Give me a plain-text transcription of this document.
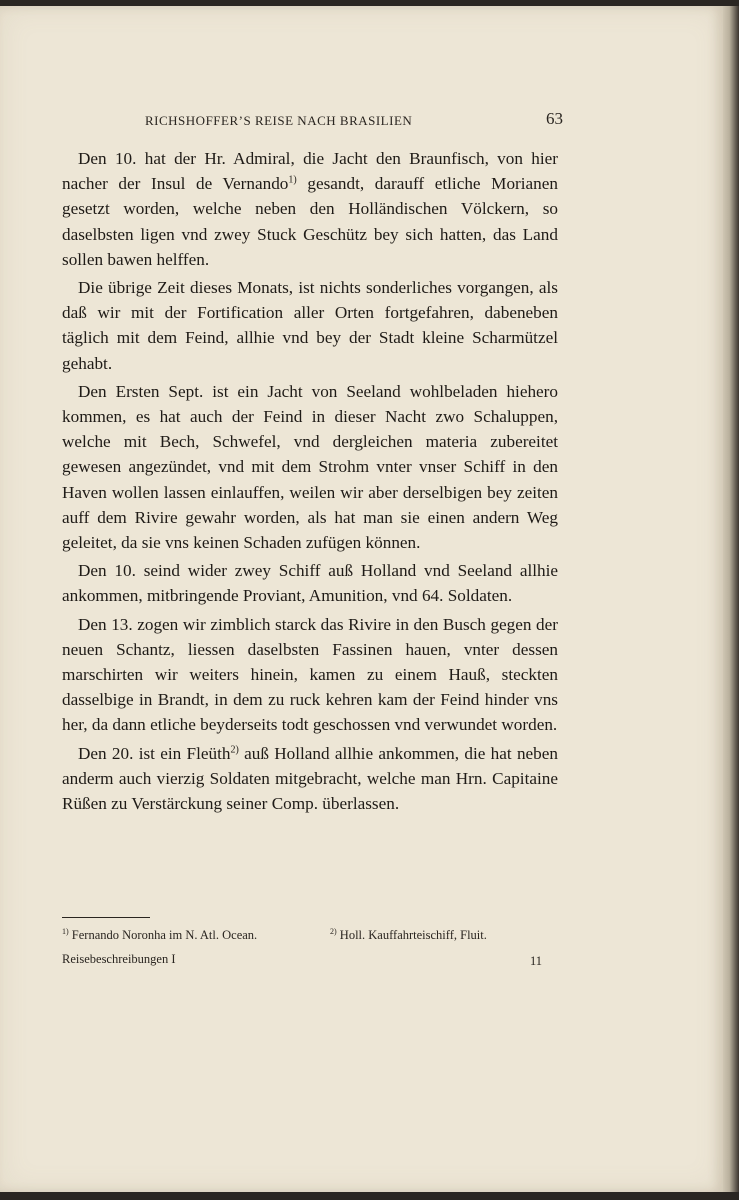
RICHSHOFFER’S REISE NACH BRASILIEN	63

Den 10. hat der Hr. Admiral, die Jacht den Braunfisch, von hier nacher der Insul de Vernando$^{1)}$ gesandt, darauff etliche Morianen gesetzt worden, welche neben den Holländischen Völckern, so daselbsten ligen vnd zwey Stuck Geschütz bey sich hatten, das Land sollen bawen helffen.

Die übrige Zeit dieses Monats, ist nichts sonderliches vorgangen, als daß wir mit der Fortification aller Orten fortgefahren, dabeneben täglich mit dem Feind, allhie vnd bey der Stadt kleine Scharmützel gehabt.

Den Ersten Sept. ist ein Jacht von Seeland wohlbeladen hiehero kommen, es hat auch der Feind in dieser Nacht zwo Schaluppen, welche mit Bech, Schwefel, vnd dergleichen materia zubereitet gewesen angezündet, vnd mit dem Strohm vnter vnser Schiff in den Haven wollen lassen einlauffen, weilen wir aber derselbigen bey zeiten auff dem Rivire gewahr worden, als hat man sie einen andern Weg geleitet, da sie vns keinen Schaden zufügen können.

Den 10. seind wider zwey Schiff auß Holland vnd Seeland allhie ankommen, mitbringende Proviant, Amunition, vnd 64. Soldaten.

Den 13. zogen wir zimblich starck das Rivire in den Busch gegen der neuen Schantz, liessen daselbsten Fassinen hauen, vnter dessen marschirten wir weiters hinein, kamen zu einem Hauß, steckten dasselbige in Brandt, in dem zu ruck kehren kam der Feind hinder vns her, da dann etliche beyderseits todt geschossen vnd verwundet worden.

Den 20. ist ein Fleüth$^{2)}$ auß Holland allhie ankommen, die hat neben anderm auch vierzig Soldaten mitgebracht, welche man Hrn. Capitaine Rüßen zu Verstärckung seiner Comp. überlassen.

$^{1)}$ Fernando Noronha im N. Atl. Ocean.	$^{2)}$ Holl. Kauffahrteischiff, Fluit.
Reisebeschreibungen I	11
